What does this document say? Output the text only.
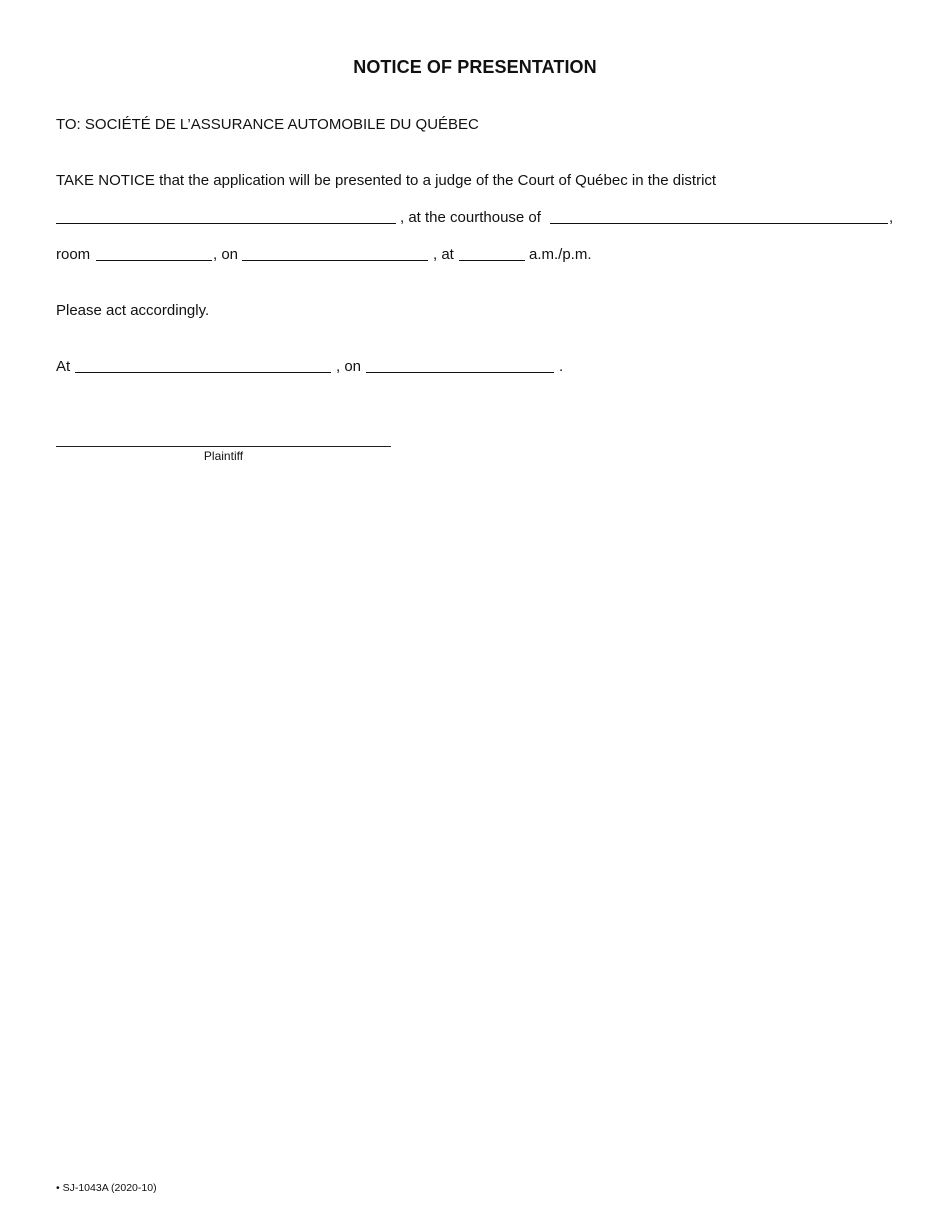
NOTICE OF PRESENTATION
TO: SOCIÉTÉ DE L’ASSURANCE AUTOMOBILE DU QUÉBEC
TAKE NOTICE that the application will be presented to a judge of the Court of Québec in the district
, at the courthouse of	,
room	, on	, at	a.m./p.m.
Please act accordingly.
At	, on	.
Plaintiff
• SJ-1043A (2020-10)
